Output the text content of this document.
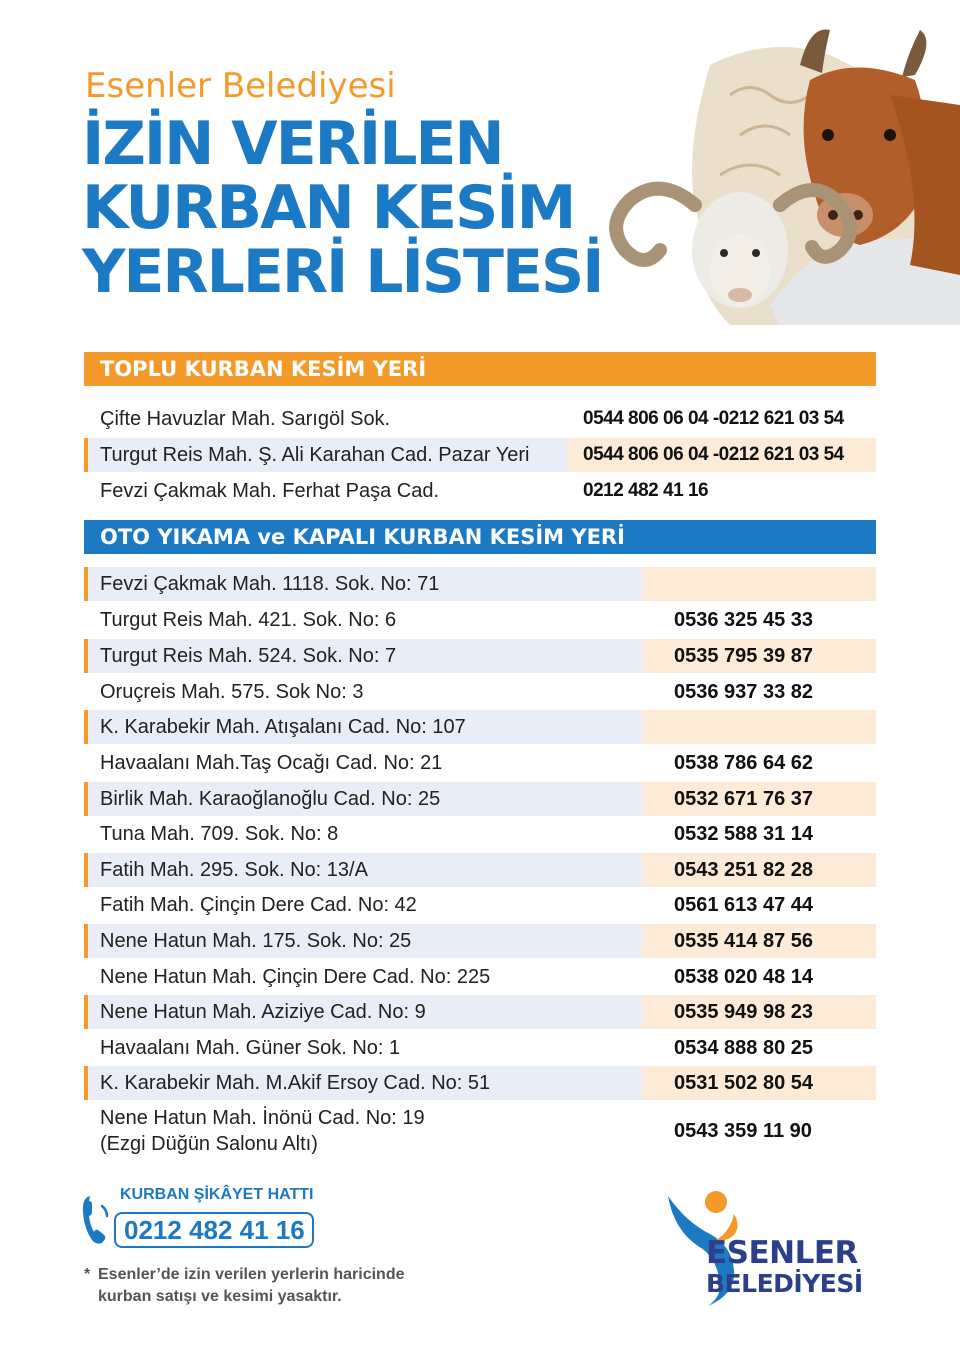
Esenler Belediyesi
İZİN VERİLEN
KURBAN KESİM
YERLERİ LİSTESİ
TOPLU KURBAN KESİM YERİ
Çifte Havuzlar Mah. Sarıgöl Sok.	0544 806 06 04 -0212 621 03 54
Turgut Reis Mah. Ş. Ali Karahan Cad. Pazar Yeri	0544 806 06 04 -0212 621 03 54
Fevzi Çakmak Mah. Ferhat Paşa Cad.	0212 482 41 16
OTO YIKAMA ve KAPALI KURBAN KESİM YERİ
Fevzi Çakmak Mah. 1118. Sok. No: 71
Turgut Reis Mah. 421. Sok. No: 6	0536 325 45 33
Turgut Reis Mah. 524. Sok. No: 7	0535 795 39 87
Oruçreis Mah. 575. Sok No: 3	0536 937 33 82
K. Karabekir Mah. Atışalanı Cad. No: 107
Havaalanı Mah.Taş Ocağı Cad. No: 21	0538 786 64 62
Birlik Mah. Karaoğlanoğlu Cad. No: 25	0532 671 76 37
Tuna Mah. 709. Sok. No: 8	0532 588 31 14
Fatih Mah. 295. Sok. No: 13/A	0543 251 82 28
Fatih Mah. Çinçin Dere Cad. No: 42	0561 613 47 44
Nene Hatun Mah. 175. Sok. No: 25	0535 414 87 56
Nene Hatun Mah. Çinçin Dere Cad. No: 225	0538 020 48 14
Nene Hatun Mah. Aziziye Cad. No: 9	0535 949 98 23
Havaalanı Mah. Güner Sok. No: 1	0534 888 80 25
K. Karabekir Mah. M.Akif Ersoy Cad. No: 51	0531 502 80 54
Nene Hatun Mah. İnönü Cad. No: 19
(Ezgi Düğün Salonu Altı)
0543 359 11 90
KURBAN ŞİKÂYET HATTI
0212 482 41 16
* Esenler’de izin verilen yerlerin haricinde
kurban satışı ve kesimi yasaktır.
ESENLER
BELEDİYESİ
